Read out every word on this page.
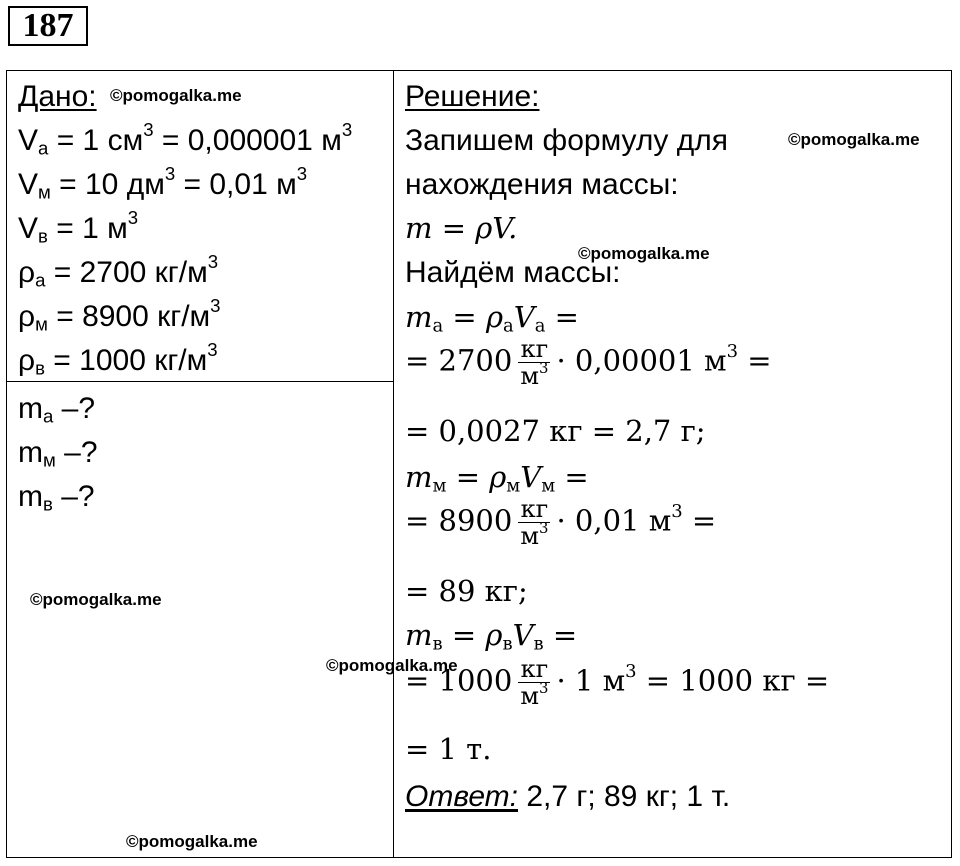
187
Дано: ©pomogalka.me
$V_а = 1$ $см^3 = 0,000001$ $м^3$
$V_м = 10$ $дм^3 = 0,01$ $м^3$
$V_в = 1$ $м^3$
$\rho_а = 2700$ $кг/м^3$
$\rho_м = 8900$ $кг/м^3$
$\rho_в = 1000$ $кг/м^3$
$m_а$ –?
$m_м$ –?
$m_в$ –?
©pomogalka.me
©pomogalka.me
©pomogalka.me
Решение:
Запишем формулу для	©pomogalka.me
нахождения массы:
m = ρV.
©pomogalka.me
Найдём массы:
$m_а = \rho_аV_а$ =
= $2700 \frac{кг}{м^3} \cdot 0,00001$ $м^3$ =
= 0,0027 кг = 2,7 г;
$m_м = \rho_мV_м$ =
= $8900 \frac{кг}{м^3} \cdot 0,01$ $м^3$ =
= 89 кг;
$m_в = \rho_вV_в$ =
= $1000 \frac{кг}{м^3} \cdot 1$ $м^3 = 1000$ кг =
= 1 т.
Ответ: 2,7 г; 89 кг; 1 т.
